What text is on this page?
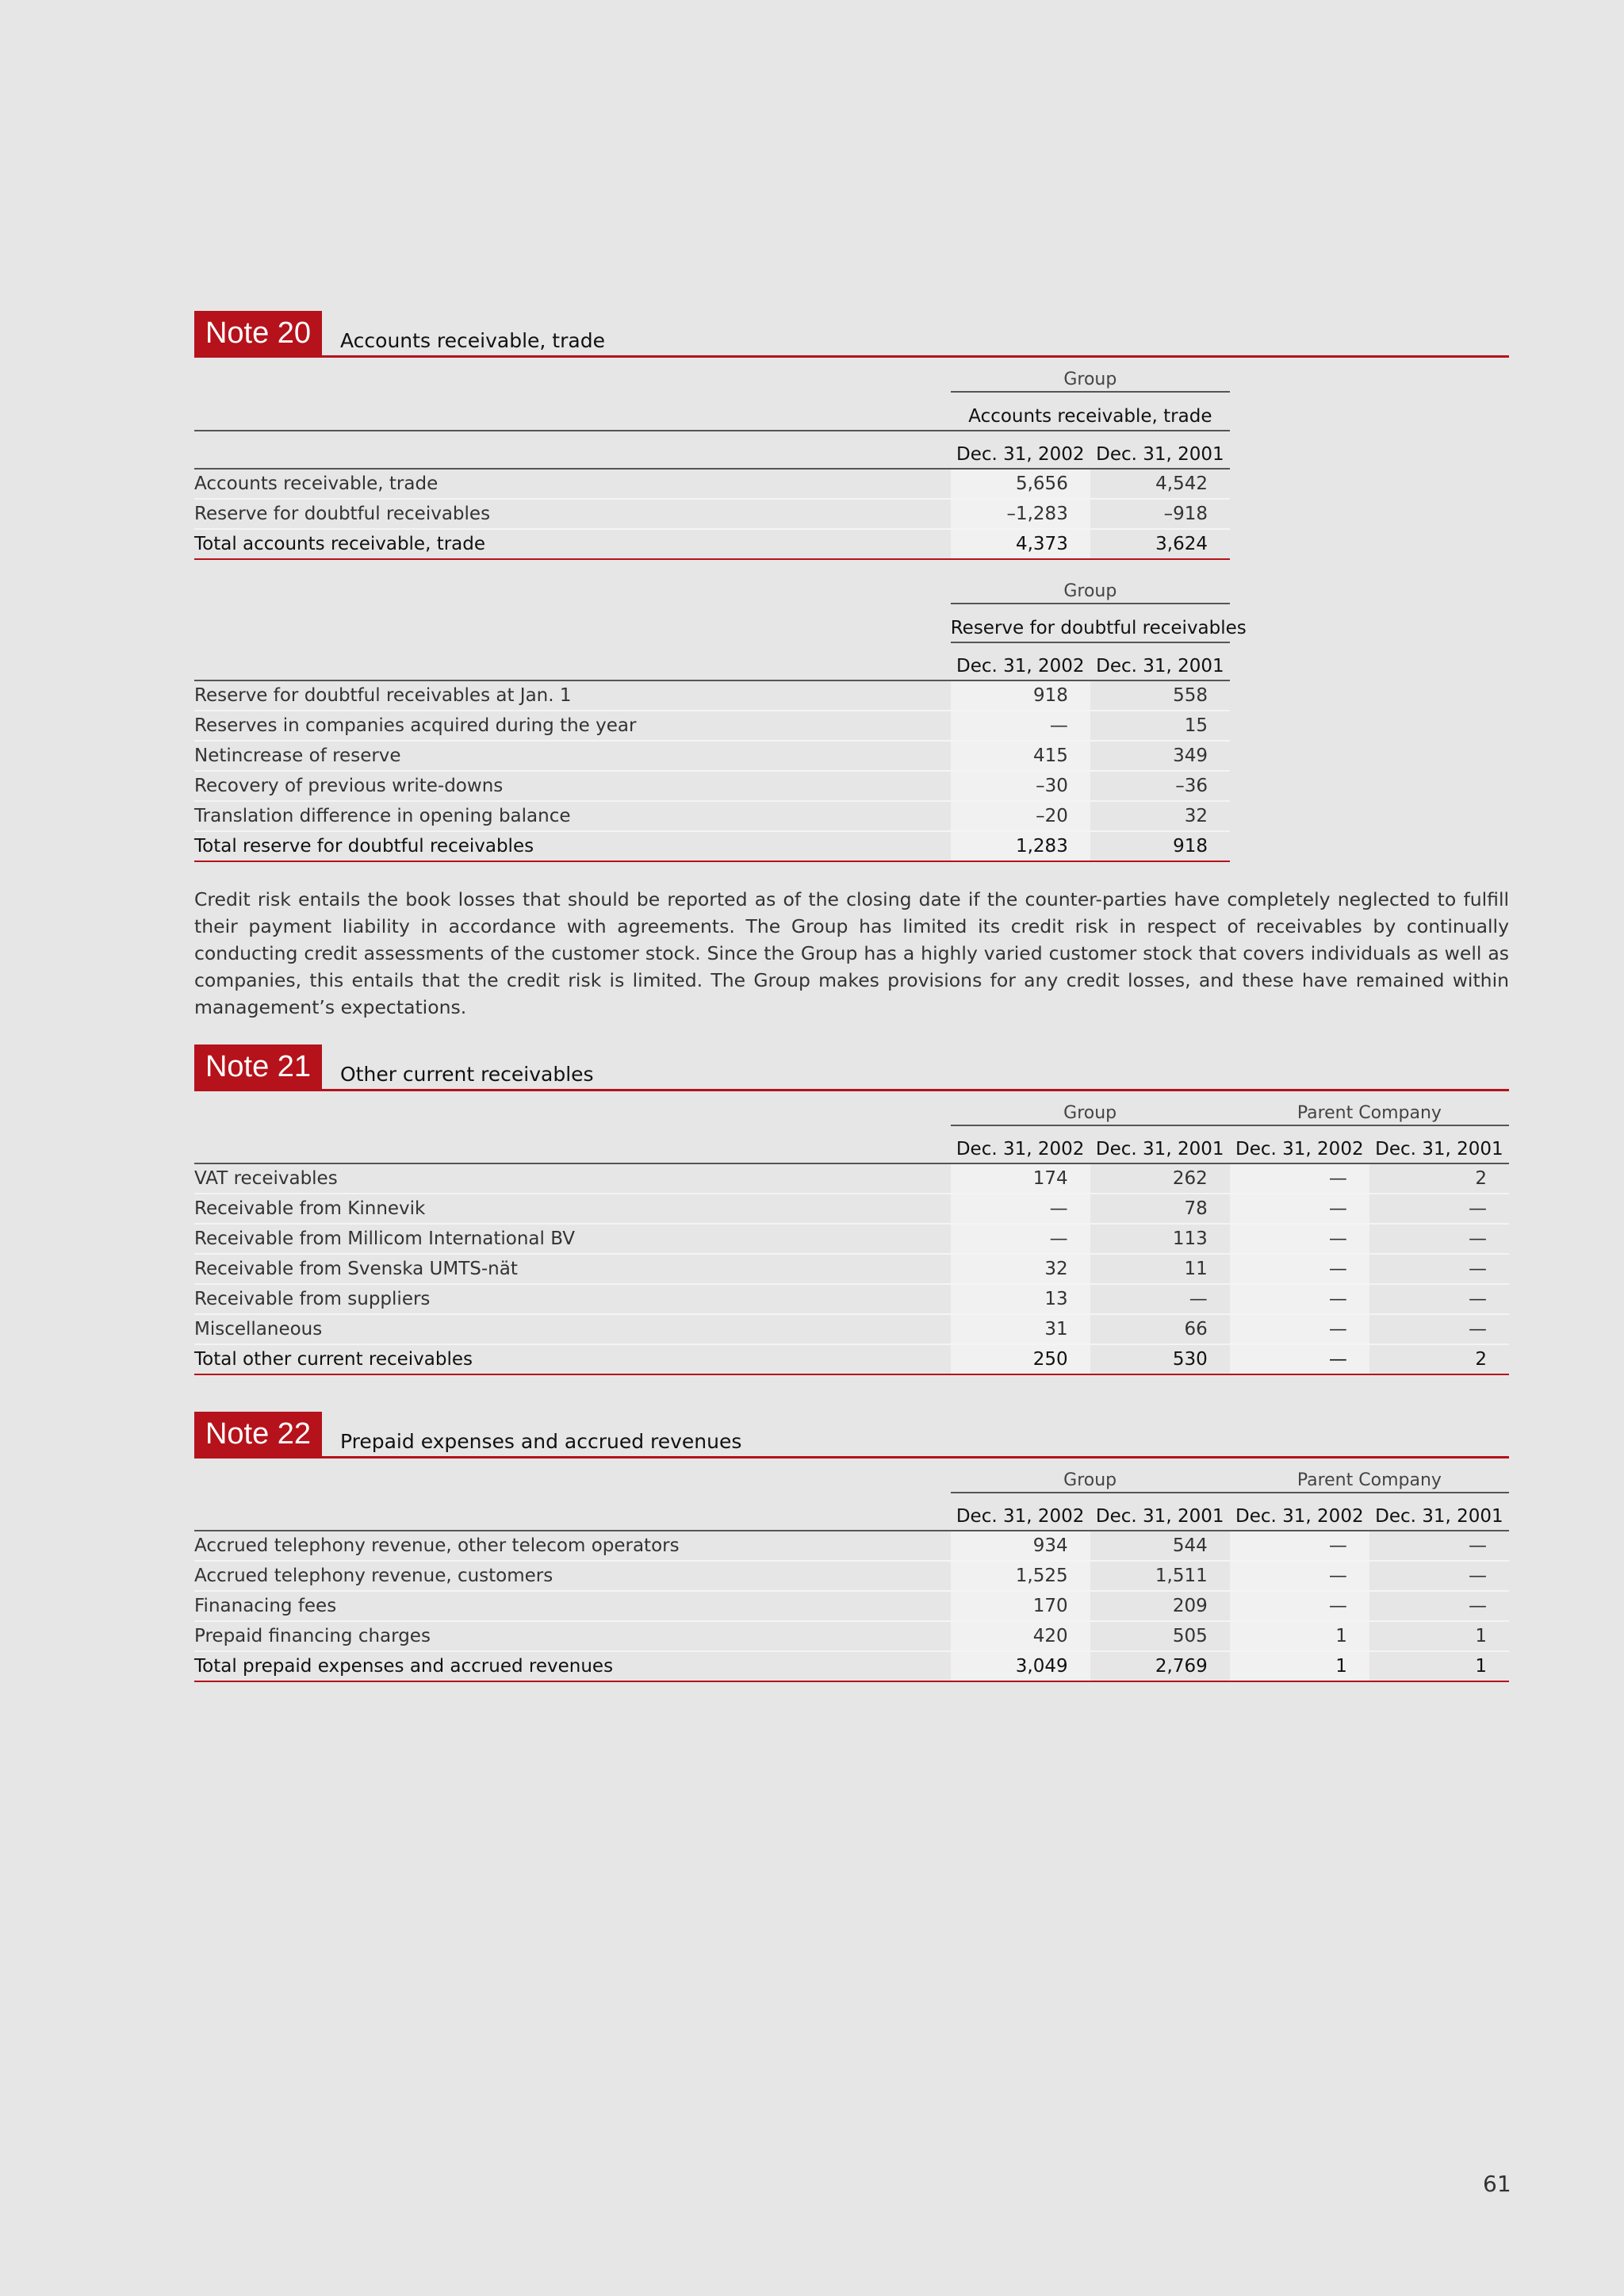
Note 20	Accounts receivable, trade
	Group	
	Accounts receivable, trade	
	Dec. 31, 2002	Dec. 31, 2001
Accounts receivable, trade	5,656	4,542
Reserve for doubtful receivables	–1,283	–918
Total accounts receivable, trade	4,373	3,624
	Group	
	Reserve for doubtful receivables	
	Dec. 31, 2002	Dec. 31, 2001
Reserve for doubtful receivables at Jan. 1	918	558
Reserves in companies acquired during the year	—	15
Netincrease of reserve	415	349
Recovery of previous write-downs	–30	–36
Translation difference in opening balance	–20	32
Total reserve for doubtful receivables	1,283	918

Credit risk entails the book losses that should be reported as of the closing date if the counter-parties have completely neglected to fulfill their payment liability in accordance with agreements. The Group has limited its credit risk in respect of receivables by continually conducting credit assessments of the customer stock. Since the Group has a highly varied customer stock that covers individuals as well as companies, this entails that the credit risk is limited. The Group makes provisions for any credit losses, and these have remained within management’s expectations.

Note 21	Other current receivables
	Group		Parent Company	
	Dec. 31, 2002	Dec. 31, 2001	Dec. 31, 2002	Dec. 31, 2001
VAT receivables	174	262	—	2
Receivable from Kinnevik	—	78	—	—
Receivable from Millicom International BV	—	113	—	—
Receivable from Svenska UMTS-nät	32	11	—	—
Receivable from suppliers	13	—	—	—
Miscellaneous	31	66	—	—
Total other current receivables	250	530	—	2
Note 22	Prepaid expenses and accrued revenues
	Group		Parent Company	
	Dec. 31, 2002	Dec. 31, 2001	Dec. 31, 2002	Dec. 31, 2001
Accrued telephony revenue, other telecom operators	934	544	—	—
Accrued telephony revenue, customers	1,525	1,511	—	—
Finanacing fees	170	209	—	—
Prepaid financing charges	420	505	1	1
Total prepaid expenses and accrued revenues	3,049	2,769	1	1
61
